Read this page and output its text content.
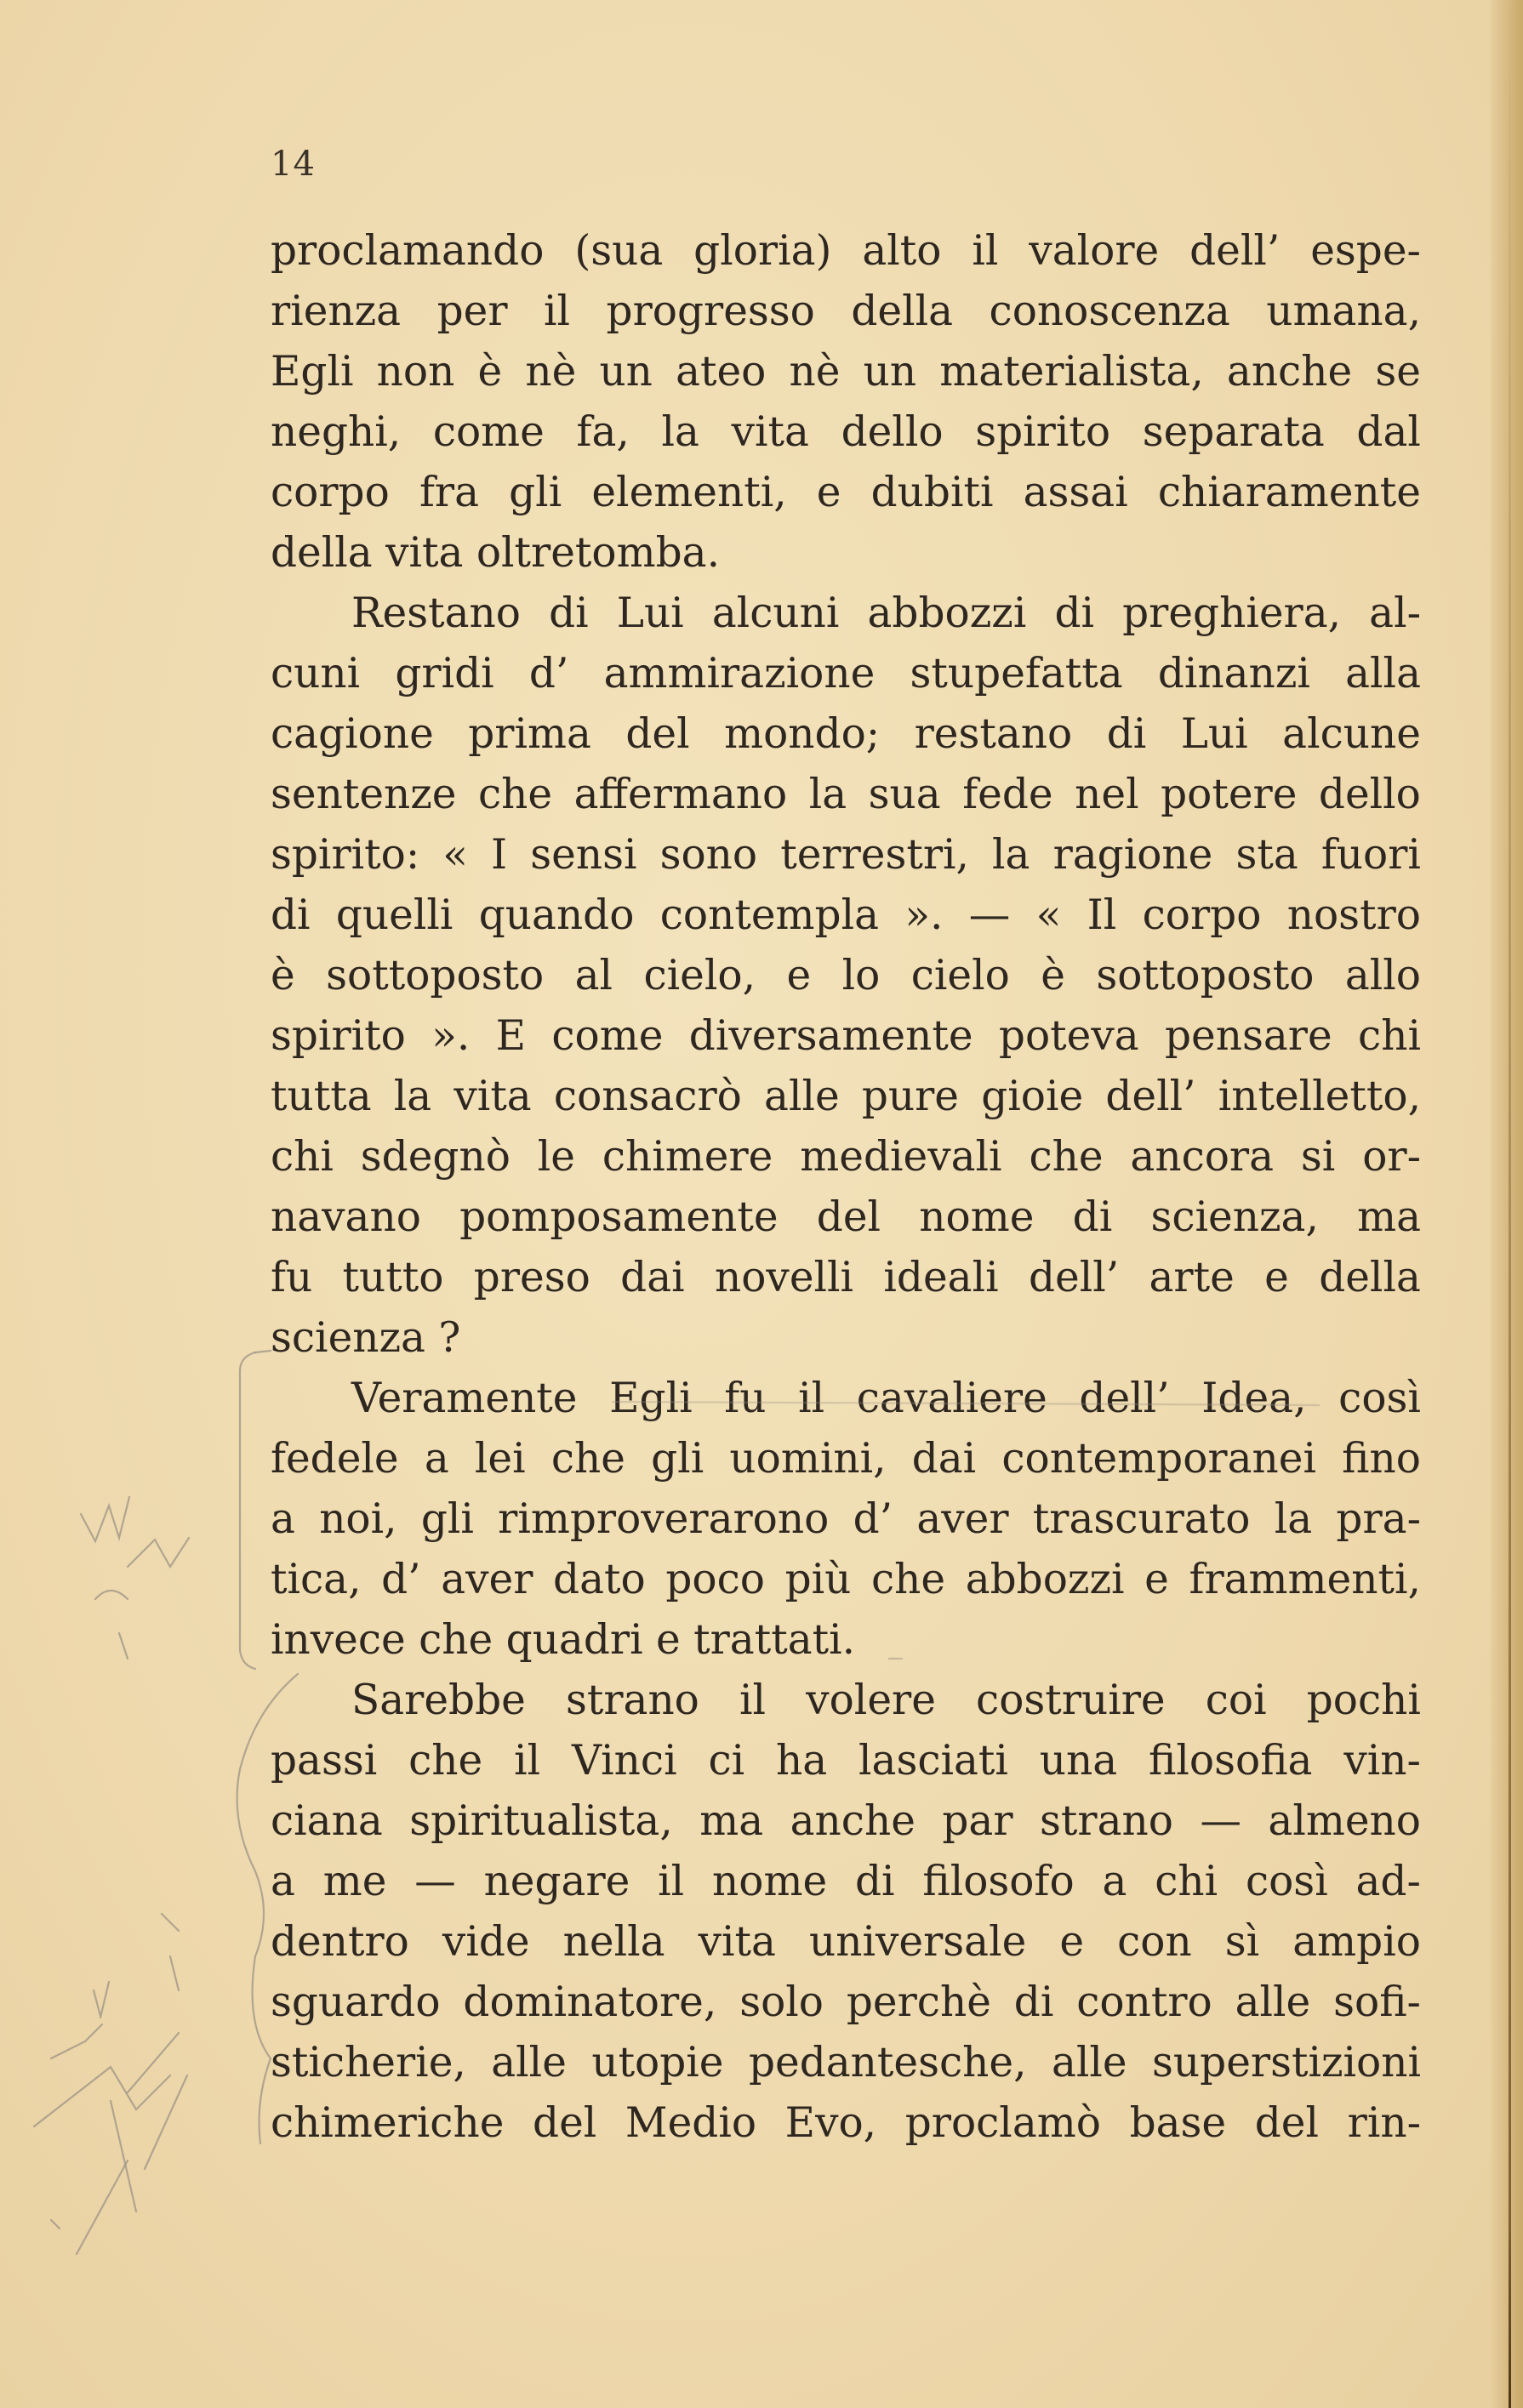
14
proclamando (sua gloria) alto il valore dell’ espe-
rienza per il progresso della conoscenza umana,
Egli non è nè un ateo nè un materialista, anche se
neghi, come fa, la vita dello spirito separata dal
corpo fra gli elementi, e dubiti assai chiaramente
della vita oltretomba.
Restano di Lui alcuni abbozzi di preghiera, al-
cuni gridi d’ ammirazione stupefatta dinanzi alla
cagione prima del mondo; restano di Lui alcune
sentenze che affermano la sua fede nel potere dello
spirito: « I sensi sono terrestri, la ragione sta fuori
di quelli quando contempla ». — « Il corpo nostro
è sottoposto al cielo, e lo cielo è sottoposto allo
spirito ». E come diversamente poteva pensare chi
tutta la vita consacrò alle pure gioie dell’ intelletto,
chi sdegnò le chimere medievali che ancora si or-
navano pomposamente del nome di scienza, ma
fu tutto preso dai novelli ideali dell’ arte e della
scienza ?
Veramente Egli fu il cavaliere dell’ Idea, così
fedele a lei che gli uomini, dai contemporanei fino
a noi, gli rimproverarono d’ aver trascurato la pra-
tica, d’ aver dato poco più che abbozzi e frammenti,
invece che quadri e trattati.
Sarebbe strano il volere costruire coi pochi
passi che il Vinci ci ha lasciati una filosofia vin-
ciana spiritualista, ma anche par strano — almeno
a me — negare il nome di filosofo a chi così ad-
dentro vide nella vita universale e con sì ampio
sguardo dominatore, solo perchè di contro alle sofi-
sticherie, alle utopie pedantesche, alle superstizioni
chimeriche del Medio Evo, proclamò base del rin-
